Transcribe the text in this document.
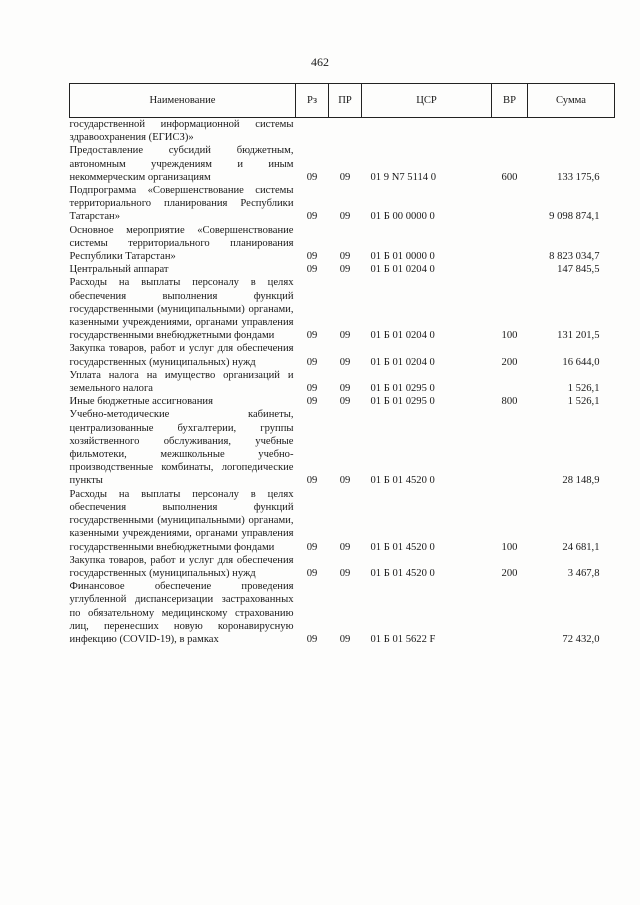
462
Наименование	Рз	ПР	ЦСР	ВР	Сумма
государственной информационной системы здравоохранения (ЕГИСЗ)»					
Предоставление субсидий бюджетным, автономным учреждениям и иным некоммерческим организациям	09	09	01 9 N7 5114 0	600	133 175,6
Подпрограмма «Совершенствование системы территориального планирования Республики Татарстан»	09	09	01 Б 00 0000 0		9 098 874,1
Основное мероприятие «Совершенствование системы территориального планирования Республики Татарстан»	09	09	01 Б 01 0000 0		8 823 034,7
Центральный аппарат	09	09	01 Б 01 0204 0		147 845,5
Расходы на выплаты персоналу в целях обеспечения выполнения функций государственными (муниципальными) органами, казенными учреждениями, органами управления государственными внебюджетными фондами	09	09	01 Б 01 0204 0	100	131 201,5
Закупка товаров, работ и услуг для обеспечения государственных (муниципальных) нужд	09	09	01 Б 01 0204 0	200	16 644,0
Уплата налога на имущество организаций и земельного налога	09	09	01 Б 01 0295 0		1 526,1
Иные бюджетные ассигнования	09	09	01 Б 01 0295 0	800	1 526,1
Учебно-методические кабинеты, централизованные бухгалтерии, группы хозяйственного обслуживания, учебные фильмотеки, межшкольные учебно-производственные комбинаты, логопедические пункты	09	09	01 Б 01 4520 0		28 148,9
Расходы на выплаты персоналу в целях обеспечения выполнения функций государственными (муниципальными) органами, казенными учреждениями, органами управления государственными внебюджетными фондами	09	09	01 Б 01 4520 0	100	24 681,1
Закупка товаров, работ и услуг для обеспечения государственных (муниципальных) нужд	09	09	01 Б 01 4520 0	200	3 467,8
Финансовое обеспечение проведения углубленной диспансеризации застрахованных по обязательному медицинскому страхованию лиц, перенесших новую коронавирусную инфекцию (COVID-19), в рамках	09	09	01 Б 01 5622 F		72 432,0
